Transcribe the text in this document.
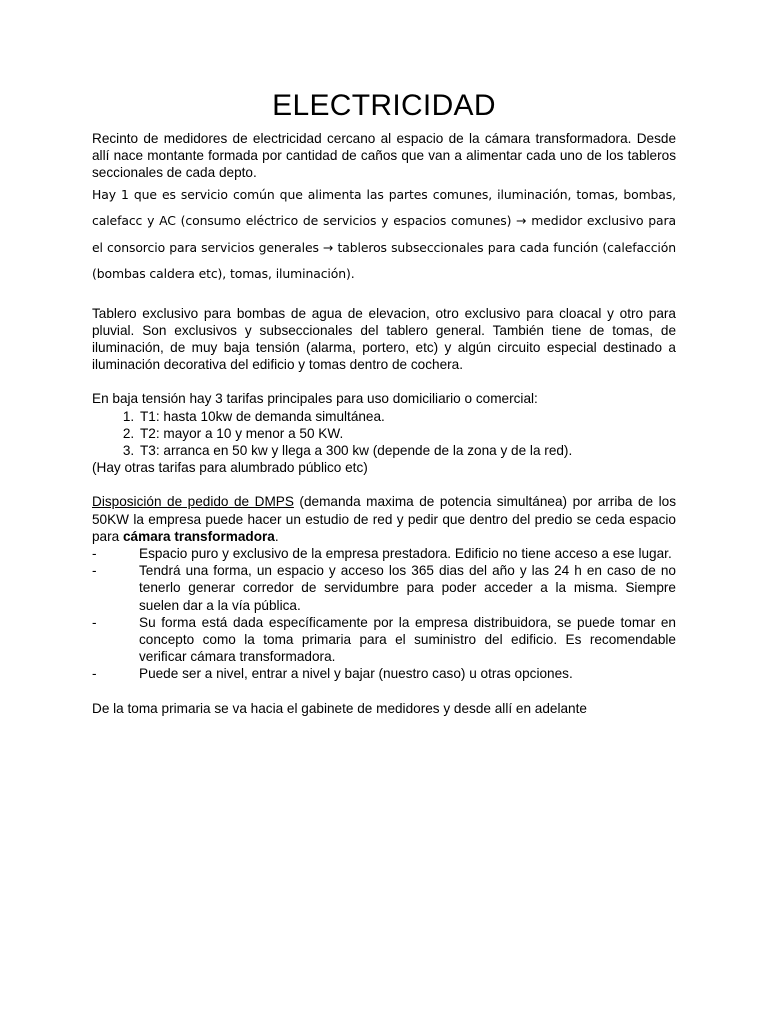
ELECTRICIDAD

Recinto de medidores de electricidad cercano al espacio de la cámara transformadora. Desde allí nace montante formada por cantidad de caños que van a alimentar cada uno de los tableros seccionales de cada depto.

Hay 1 que es servicio común que alimenta las partes comunes, iluminación, tomas, bombas, calefacc y AC (consumo eléctrico de servicios y espacios comunes) → medidor exclusivo para el consorcio para servicios generales → tableros subseccionales para cada función (calefacción (bombas caldera etc), tomas, iluminación).

Tablero exclusivo para bombas de agua de elevacion, otro exclusivo para cloacal y otro para pluvial. Son exclusivos y subseccionales del tablero general. También tiene de tomas, de iluminación, de muy baja tensión (alarma, portero, etc) y algún circuito especial destinado a iluminación decorativa del edificio y tomas dentro de cochera.

En baja tensión hay 3 tarifas principales para uso domiciliario o comercial:

1. T1: hasta 10kw de demanda simultánea.
2. T2: mayor a 10 y menor a 50 KW.
3. T3: arranca en 50 kw y llega a 300 kw (depende de la zona y de la red).

(Hay otras tarifas para alumbrado público etc)

Disposición de pedido de DMPS (demanda maxima de potencia simultánea) por arriba de los 50KW la empresa puede hacer un estudio de red y pedir que dentro del predio se ceda espacio para cámara transformadora.

-	Espacio puro y exclusivo de la empresa prestadora. Edificio no tiene acceso a ese lugar.
-	Tendrá una forma, un espacio y acceso los 365 dias del año y las 24 h en caso de no tenerlo generar corredor de servidumbre para poder acceder a la misma. Siempre suelen dar a la vía pública.
-	Su forma está dada específicamente por la empresa distribuidora, se puede tomar en concepto como la toma primaria para el suministro del edificio. Es recomendable verificar cámara transformadora.
-	Puede ser a nivel, entrar a nivel y bajar (nuestro caso) u otras opciones.

De la toma primaria se va hacia el gabinete de medidores y desde allí en adelante
